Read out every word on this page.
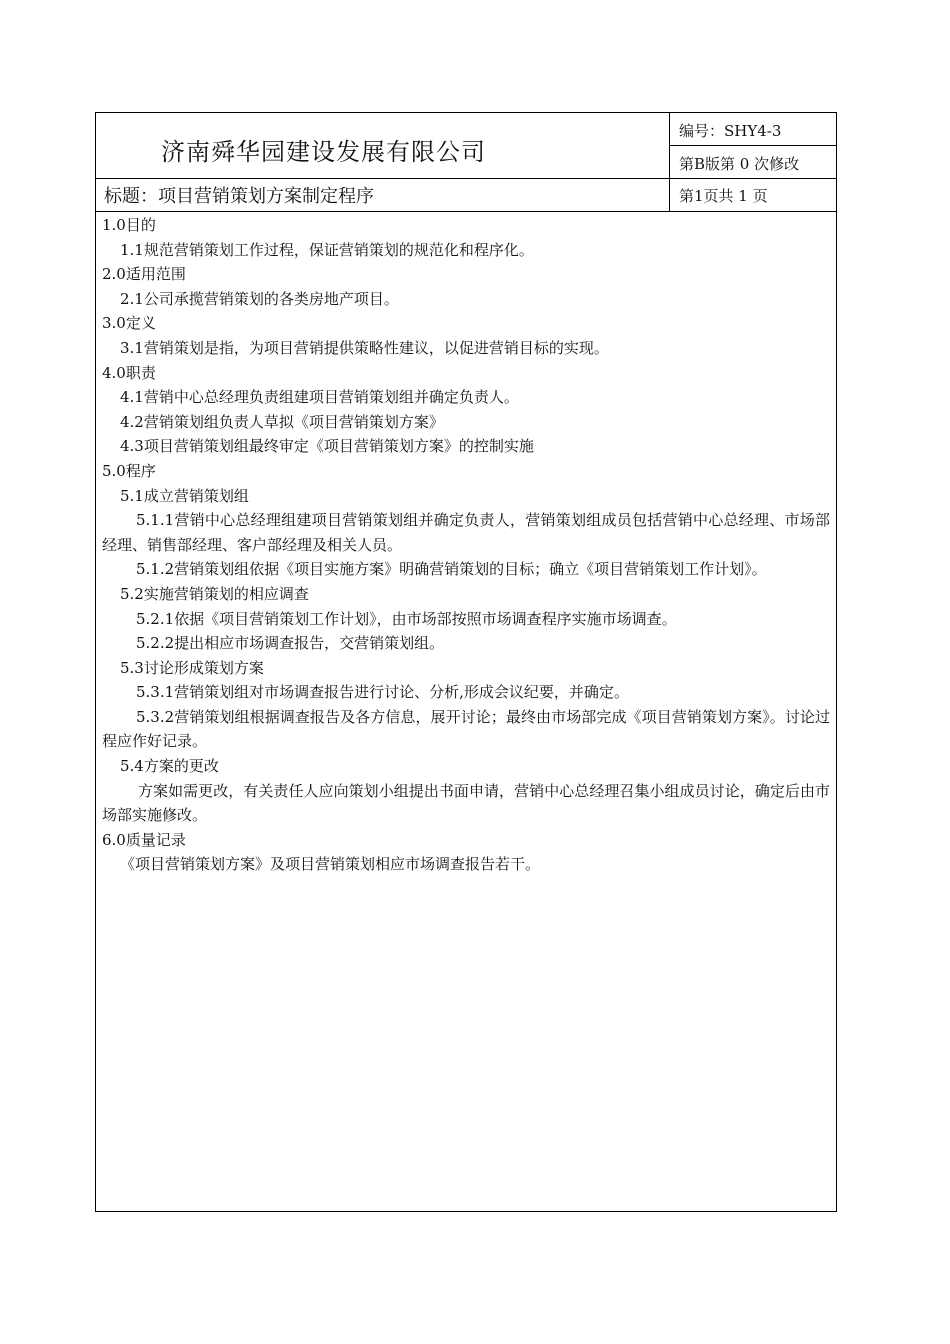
济南舜华园建设发展有限公司
编号：SHY4-3
第B版第 0 次修改
标题：项目营销策划方案制定程序	第1页共 1 页

1.0目的

1.1规范营销策划工作过程，保证营销策划的规范化和程序化。

2.0适用范围

2.1公司承揽营销策划的各类房地产项目。

3.0定义

3.1营销策划是指，为项目营销提供策略性建议，以促进营销目标的实现。

4.0职责

4.1营销中心总经理负责组建项目营销策划组并确定负责人。

4.2营销策划组负责人草拟《项目营销策划方案》

4.3项目营销策划组最终审定《项目营销策划方案》的控制实施

5.0程序

5.1成立营销策划组

5.1.1营销中心总经理组建项目营销策划组并确定负责人，营销策划组成员包括营销中心总经理、市场部经理、销售部经理、客户部经理及相关人员。

5.1.2营销策划组依据《项目实施方案》明确营销策划的目标；确立《项目营销策划工作计划》。

5.2实施营销策划的相应调查

5.2.1依据《项目营销策划工作计划》，由市场部按照市场调查程序实施市场调查。

5.2.2提出相应市场调查报告，交营销策划组。

5.3讨论形成策划方案

5.3.1营销策划组对市场调查报告进行讨论、分析,形成会议纪要，并确定。

5.3.2营销策划组根据调查报告及各方信息，展开讨论；最终由市场部完成《项目营销策划方案》。讨论过程应作好记录。

5.4方案的更改

方案如需更改，有关责任人应向策划小组提出书面申请，营销中心总经理召集小组成员讨论，确定后由市场部实施修改。

6.0质量记录

《项目营销策划方案》及项目营销策划相应市场调查报告若干。
